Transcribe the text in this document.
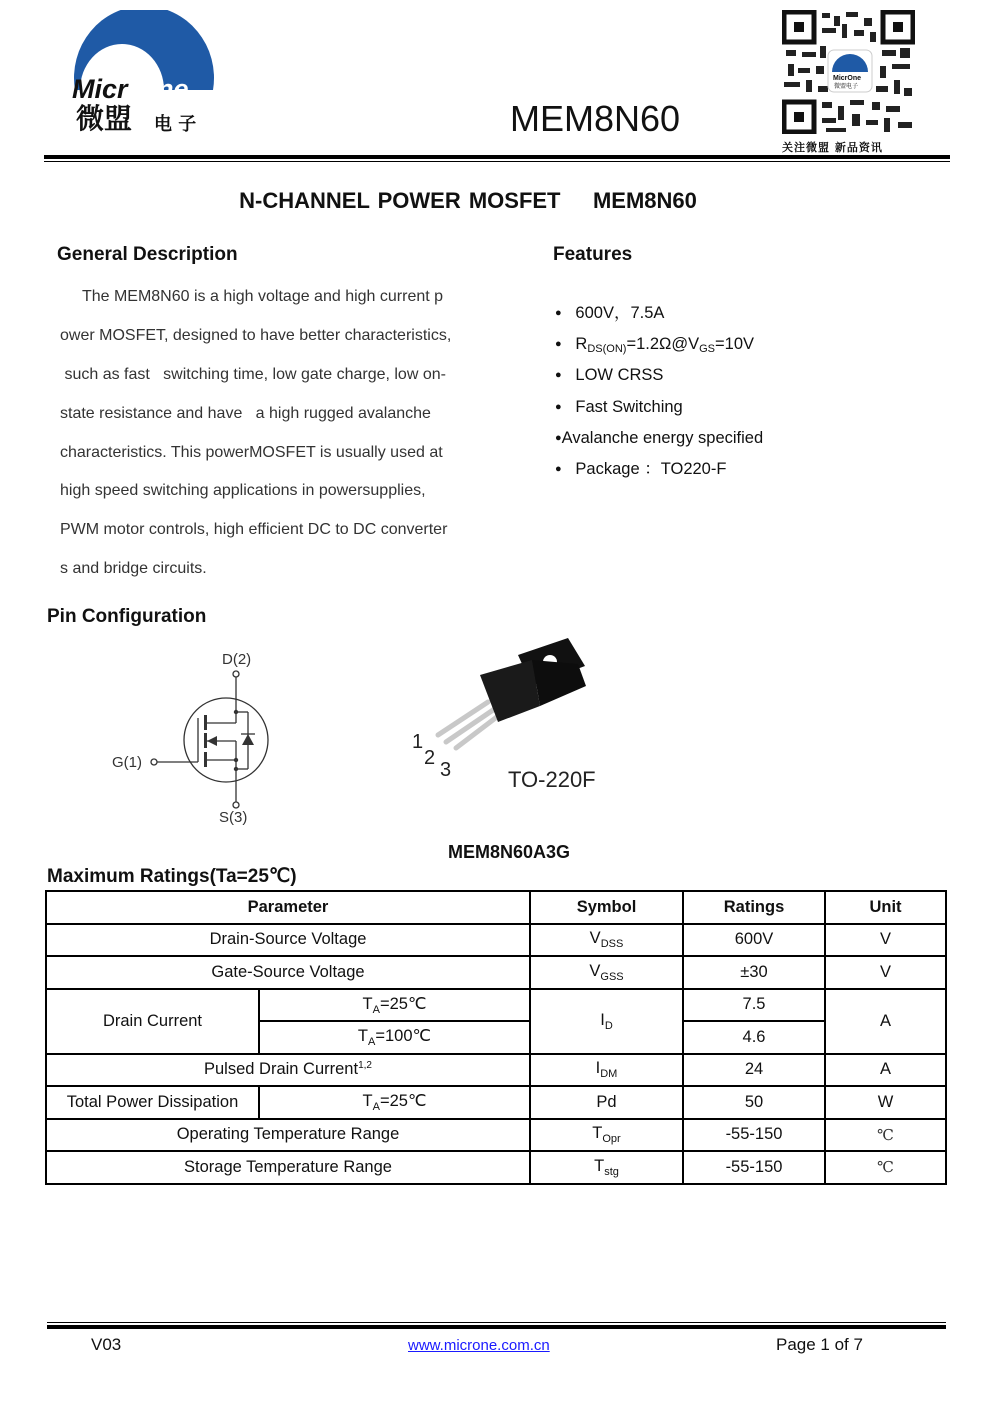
Micr One
微盟 电 子	MEM8N60
MicrOne
微盟电子
关注微盟 新品资讯
N-CHANNEL POWER MOSFET    MEM8N60
General Description
The MEM8N60 is a high voltage and high current p
ower MOSFET, designed to have better characteristics,
such as fast   switching time, low gate charge, low on-
state resistance and have   a high rugged avalanche
characteristics. This powerMOSFET is usually used at
high speed switching applications in powersupplies,
PWM motor controls, high efficient DC to DC converter
s and bridge circuits.
Features
● 600V，7.5A
● $R_{DS(ON)}=1.2\Omega@V_{GS}=10V$
● LOW CRSS
● Fast Switching
●Avalanche energy specified
● Package ：TO220-F
Pin Configuration
D(2)
G(1)
S(3)
1
2
3	TO-220F
MEM8N60A3G
Maximum Ratings(Ta=25℃)
Parameter		Symbol	Ratings	Unit
Drain-Source Voltage		$V_{DSS}$	600V	V
Gate-Source Voltage		$V_{GSS}$	±30	V
Drain Current	$T_A=25℃$	$I_D$	7.5	A
	$T_A=100℃$		4.6	
Pulsed Drain Current$^{1,2}$		$I_{DM}$	24	A
Total Power Dissipation	$T_A=25℃$	Pd	50	W
Operating Temperature Range		$T_{Opr}$	-55-150	℃
Storage Temperature Range		$T_{stg}$	-55-150	℃
V03	www.microne.com.cn	Page 1 of 7
